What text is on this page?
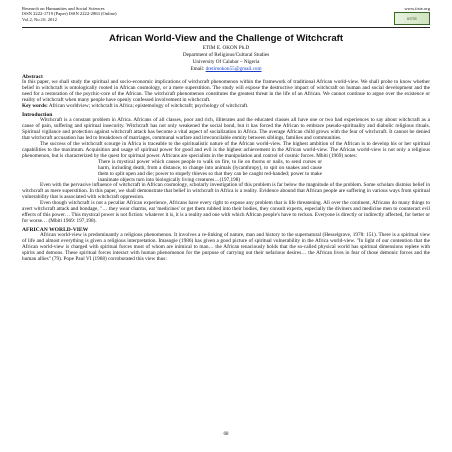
Research on Humanities and Social Sciences
ISSN 2222-1719 (Paper) ISSN 2222-2863 (Online)
Vol.2, No.10, 2012
www.iiste.org
IISTE
African World-View and the Challenge of Witchcraft
ETIM E. OKON Ph.D
Department of Religious/Cultural Studies
University Of Calabar – Nigeria
Email: dretimokon55@gmail.com
Abstract

In this paper, we shall study the spiritual and socio-economic implications of witchcraft phenomenon within the framework of traditional African world-view. We shall probe to know whether belief in witchcraft is ontologically rooted in African cosmology, or a mere superstition. The study will expose the destructive impact of witchcraft on human and social development and the need for a restoration of the psychic-core of the African. The witchcraft phenomenon constitutes the greatest threat in the life of an African. We cannot continue to argue over the existence or reality of witchcraft when many people have openly confessed involvement in witchcraft.

Key words: African worldview; witchcraft in Africa; epistemology of witchcraft; psychology of witchcraft.

Introduction

Witchcraft is a constant problem in Africa. Africans of all classes, poor and rich, illiterates and the educated classes all have one or two bad experiences to say about witchcraft as a cause of pain, suffering and spiritual insecurity. Witchcraft has not only weakened the social bond, but it has forced the African to embrace pseudo-spirituality and diabolic religious rituals. Spiritual vigilance and protection against witchcraft attack has become a vital aspect of socialization in Africa. The average African child grows with the fear of witchcraft. It cannot be denied that witchcraft accusation has led to breakdown of marriages, communal warfare and irreconcilable enmity between siblings, families and communities.

The success of the witchcraft scourge in Africa is traceable to the spiritualistic nature of the African world-view. The highest ambition of the African is to develop his or her spiritual capabilities to the maximum. Acquisition and usage of spiritual power for good and evil is the highest achievement in the African world-view. The African world-view is not only a religious phenomenon, but is characterized by the quest for spiritual power. Africans are specialists in the manipulation and control of cosmic forces. Mbiti (1969) notes:

There is mystical power which causes people to walk on fire, to lie on thorns or nails, to send curses or harm, including death, from a distance, to change into animals (lycanthropy), to spit on snakes and cause them to split open and die; power to stupefy thieves so that they can be caught red-handed; power to make inanimate objects turn into biologically living creatures…(197,198)

Even with the pervasive influence of witchcraft in African cosmology, scholarly investigation of this problem is far below the magnitude of the problem. Some scholars dismiss belief in witchcraft as mere superstition. In this paper, we shall demonstrate that belief in witchcraft in Africa is a reality. Evidence abound that African people are suffering in various ways from spiritual vulnerability that is associated with witchcraft oppression.

Even though witchcraft is not a peculiar African experience, Africans have every right to expose any problem that is life threatening. All over the continent, Africans do many things to avert witchcraft attack and bondage, "… they wear charms, eat 'medicines' or get them rubbed into their bodies, they consult experts, especially the diviners and medicine men to counteract evil effects of this power… This mystical power is not fiction: whatever it is, it is a reality and one with which African people's have to reckon. Everyone is directly or indirectly affected, for better or for worse… (Mbiti 1969: 197,198).

AFRICAN WORLD-VIEW

African world-view is predominantly a religious phenomenon. It involves a re-linking of nature, man and history to the supernatural (Hesselgrave, 1978: 151). There is a spiritual view of life and almost everything is given a religious interpretation. Imasogie (1986) has given a good picture of spiritual vulnerability in the Africa world-view. "In light of our contention that the African world-view is charged with spiritual forces most of whom are inimical to man… the African tenaciously holds that the so-called physical world has spiritual dimensions replete with spirits and demons. These spiritual forces interact with human phenomenon for the purpose of carrying out their nefarious desires… the African lives in fear of those demonic forces and the human allies" (79). Pope Paul VI (1968) corroborated this view thus:

68
